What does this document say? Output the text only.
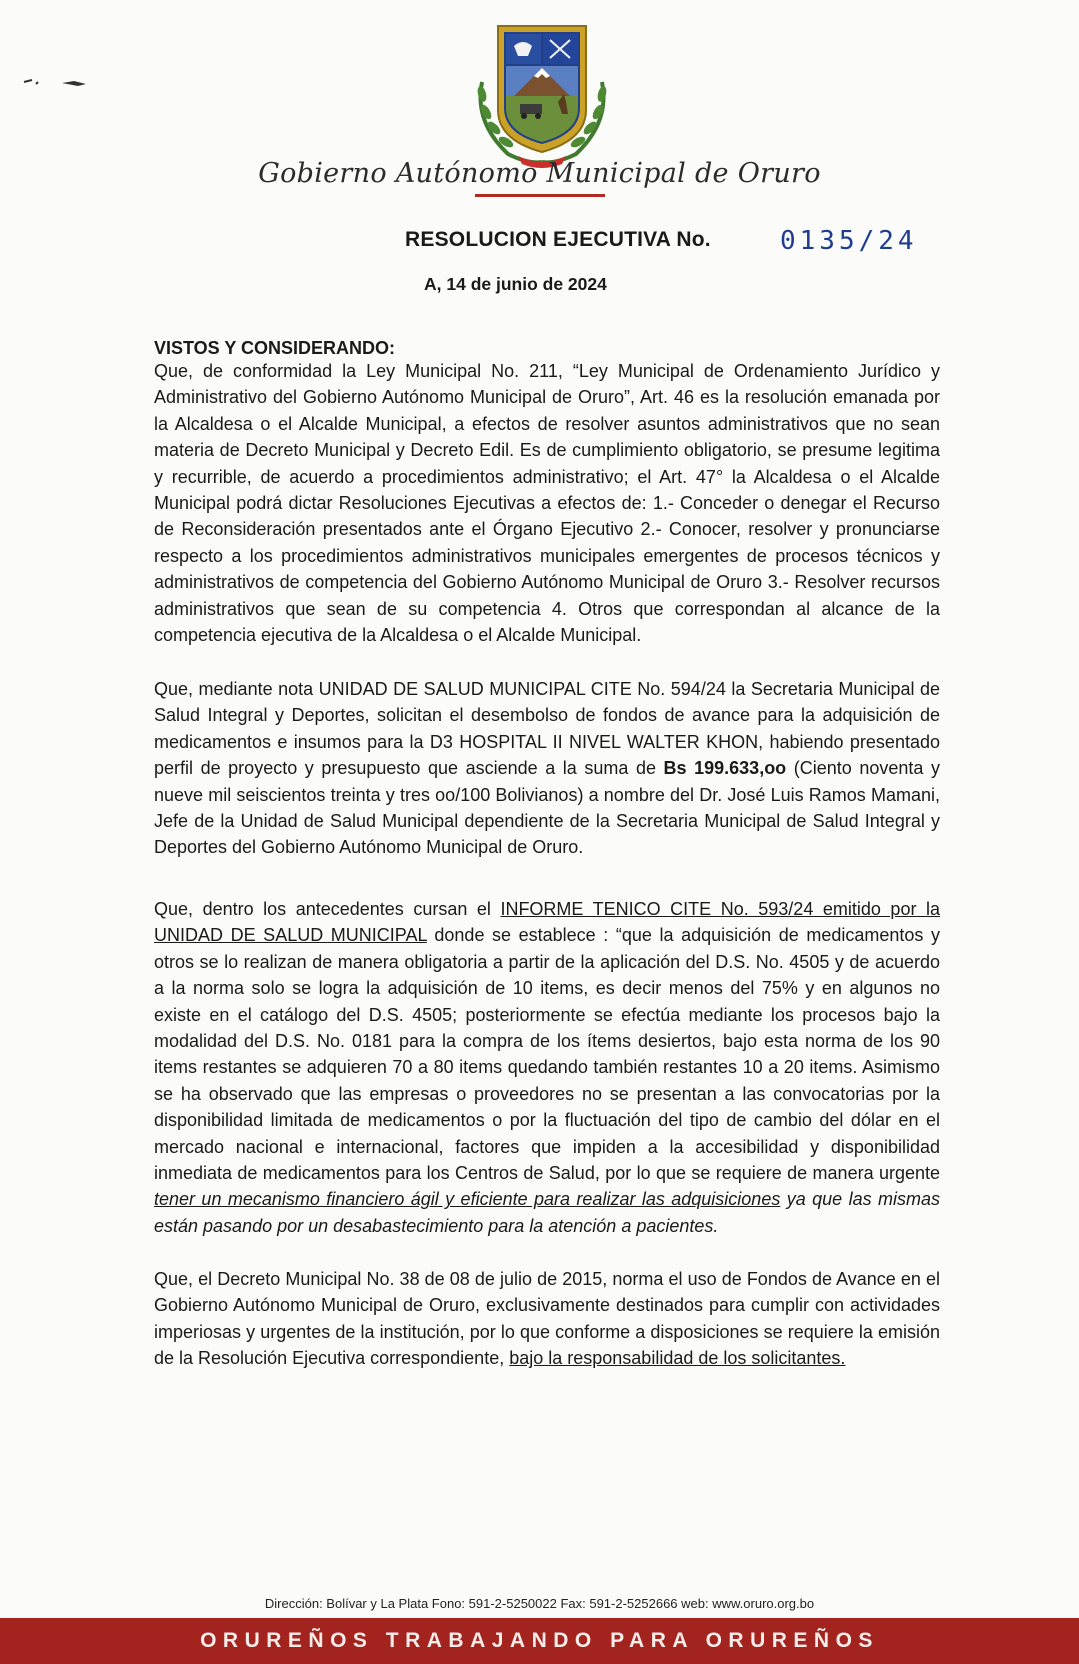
Gobierno Autónomo Municipal de Oruro
RESOLUCION EJECUTIVA No.	0135/24
A, 14 de junio de 2024
VISTOS Y CONSIDERANDO:

Que, de conformidad la Ley Municipal No. 211, “Ley Municipal de Ordenamiento Jurídico y Administrativo del Gobierno Autónomo Municipal de Oruro”, Art. 46 es la resolución emanada por la Alcaldesa o el Alcalde Municipal, a efectos de resolver asuntos administrativos que no sean materia de Decreto Municipal y Decreto Edil. Es de cumplimiento obligatorio, se presume legitima y recurrible, de acuerdo a procedimientos administrativo; el Art. 47° la Alcaldesa o el Alcalde Municipal podrá dictar Resoluciones Ejecutivas a efectos de: 1.- Conceder o denegar el Recurso de Reconsideración presentados ante el Órgano Ejecutivo 2.- Conocer, resolver y pronunciarse respecto a los procedimientos administrativos municipales emergentes de procesos técnicos y administrativos de competencia del Gobierno Autónomo Municipal de Oruro 3.- Resolver recursos administrativos que sean de su competencia 4. Otros que correspondan al alcance de la competencia ejecutiva de la Alcaldesa o el Alcalde Municipal.

Que, mediante nota UNIDAD DE SALUD MUNICIPAL CITE No. 594/24 la Secretaria Municipal de Salud Integral y Deportes, solicitan el desembolso de fondos de avance para la adquisición de medicamentos e insumos para la D3 HOSPITAL II NIVEL WALTER KHON, habiendo presentado perfil de proyecto y presupuesto que asciende a la suma de Bs 199.633,oo (Ciento noventa y nueve mil seiscientos treinta y tres oo/100 Bolivianos) a nombre del Dr. José Luis Ramos Mamani, Jefe de la Unidad de Salud Municipal dependiente de la Secretaria Municipal de Salud Integral y Deportes del Gobierno Autónomo Municipal de Oruro.

Que, dentro los antecedentes cursan el INFORME TENICO CITE No. 593/24 emitido por la UNIDAD DE SALUD MUNICIPAL donde se establece : “que la adquisición de medicamentos y otros se lo realizan de manera obligatoria a partir de la aplicación del D.S. No. 4505 y de acuerdo a la norma solo se logra la adquisición de 10 items, es decir menos del 75% y en algunos no existe en el catálogo del D.S. 4505; posteriormente se efectúa mediante los procesos bajo la modalidad del D.S. No. 0181 para la compra de los ítems desiertos, bajo esta norma de los 90 items restantes se adquieren 70 a 80 items quedando también restantes 10 a 20 items. Asimismo se ha observado que las empresas o proveedores no se presentan a las convocatorias por la disponibilidad limitada de medicamentos o por la fluctuación del tipo de cambio del dólar en el mercado nacional e internacional, factores que impiden a la accesibilidad y disponibilidad inmediata de medicamentos para los Centros de Salud, por lo que se requiere de manera urgente tener un mecanismo financiero ágil y eficiente para realizar las adquisiciones ya que las mismas están pasando por un desabastecimiento para la atención a pacientes.

Que, el Decreto Municipal No. 38 de 08 de julio de 2015, norma el uso de Fondos de Avance en el Gobierno Autónomo Municipal de Oruro, exclusivamente destinados para cumplir con actividades imperiosas y urgentes de la institución, por lo que conforme a disposiciones se requiere la emisión de la Resolución Ejecutiva correspondiente, bajo la responsabilidad de los solicitantes.

Dirección: Bolívar y La Plata Fono: 591-2-5250022 Fax: 591-2-5252666 web: www.oruro.org.bo
ORUREÑOS TRABAJANDO PARA ORUREÑOS
